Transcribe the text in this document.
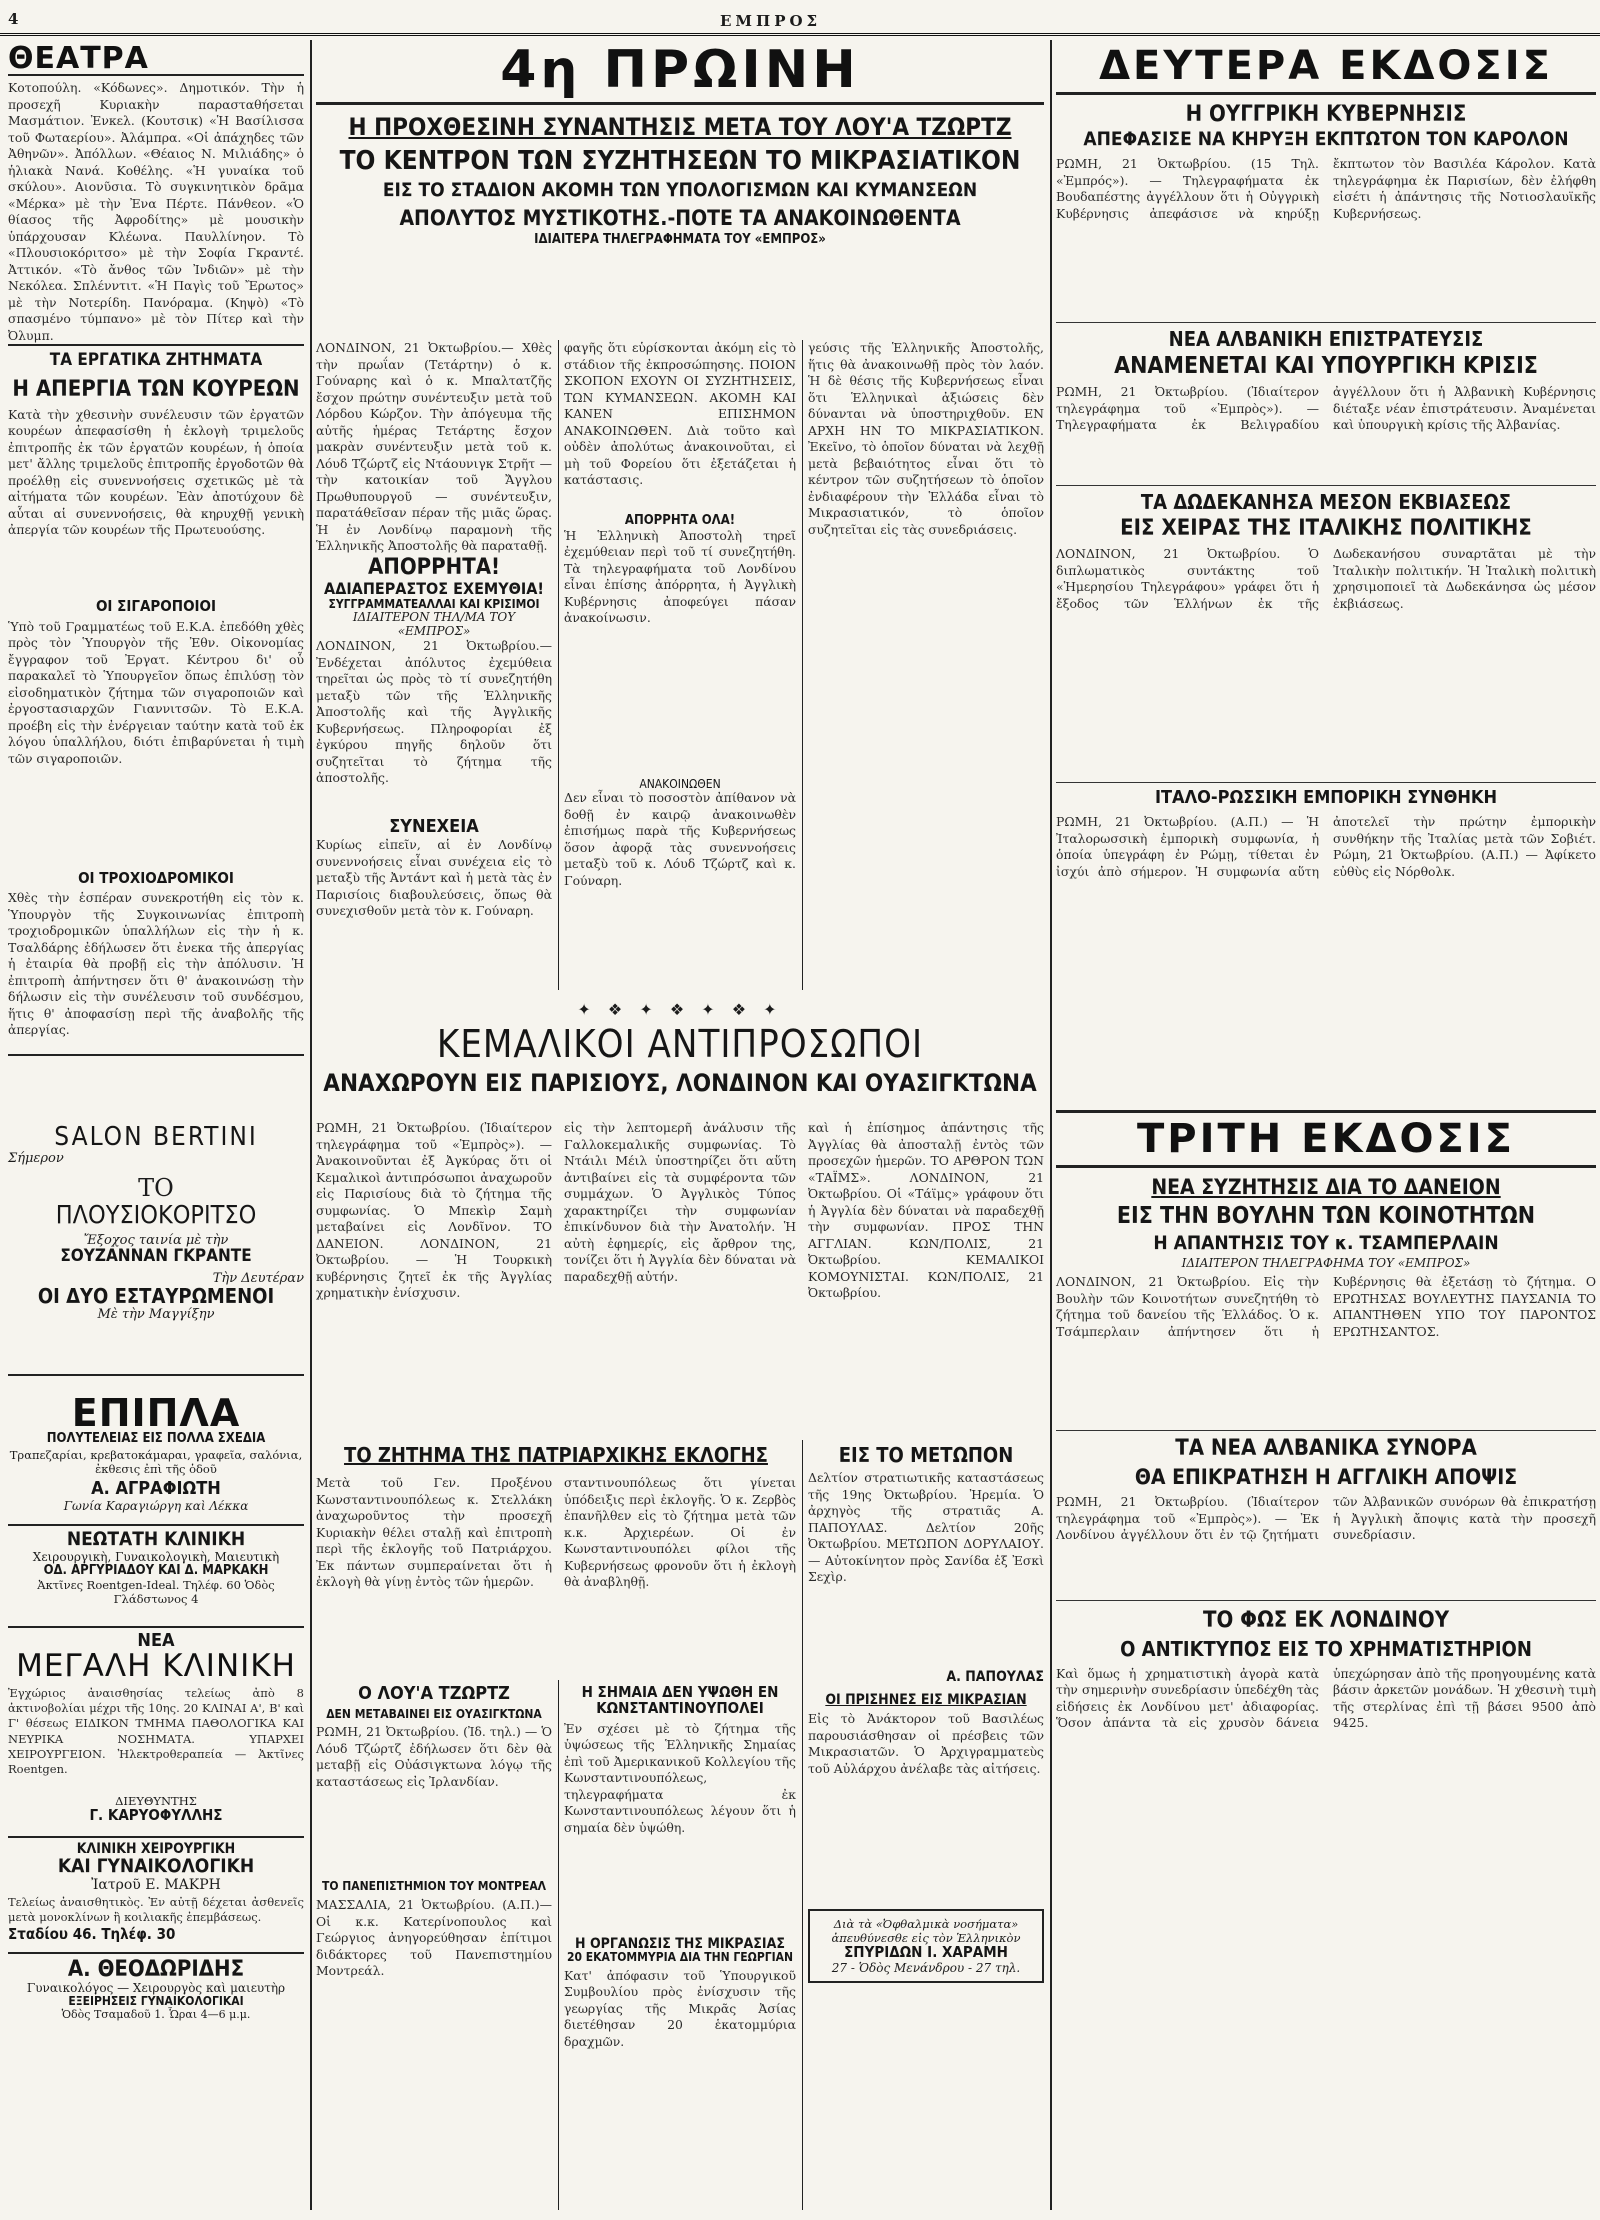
4	ΕΜΠΡΟΣ
ΘΕΑΤΡΑ
Κοτοπούλη. «Κόδωνες». Δημοτικόν. Τὴν ἡ προσεχῆ Κυριακὴν παρασταθήσεται Μασμάτιον. Ἐνκελ. (Κουτσικ) «Ἡ Βασίλισσα τοῦ Φωταερίου». Ἀλάμπρα. «Οἱ ἀπάχηδες τῶν Ἀθηνῶν». Ἀπόλλων. «Θέαιος Ν. Μιλιάδης» ὁ ἡλιακὰ Νανά. Κοθέλης. «Ἡ γυναίκα τοῦ σκύλου». Αιονῦσια. Τὸ συγκινητικὸν δρᾶμα «Μέρκα» μὲ τὴν Ἐνα Πέρτε. Πάνθεον. «Ὁ θίασος τῆς Ἀφροδίτης» μὲ μουσικὴν ὑπάρχουσαν Κλέωνα. Παυλλίνηον. Τὸ «Πλουσιοκόριτσο» μὲ τὴν Σοφία Γκραντέ. Ἀττικόν. «Τὸ ἄνθος τῶν Ἰνδιῶν» μὲ τὴν Νεκόλεα. Σπλένντιτ. «Ἡ Παγὶς τοῦ Ἔρωτος» μὲ τὴν Νοτερίδη. Πανόραμα. (Κηψὸ) «Τὸ σπασμένο τύμπανο» μὲ τὸν Πίτερ καὶ τὴν Ὀλυμπ.
ΤΑ ΕΡΓΑΤΙΚΑ ΖΗΤΗΜΑΤΑ
Η ΑΠΕΡΓΙΑ ΤΩΝ ΚΟΥΡΕΩΝ
Κατὰ τὴν χθεσινὴν συνέλευσιν τῶν ἐργατῶν κουρέων ἀπεφασίσθη ἡ ἐκλογὴ τριμελοῦς ἐπιτροπῆς ἐκ τῶν ἐργατῶν κουρέων, ἡ ὁποία μετ' ἄλλης τριμελοῦς ἐπιτροπῆς ἐργοδοτῶν θὰ προέλθῃ εἰς συνεννοήσεις σχετικῶς μὲ τὰ αἰτήματα τῶν κουρέων. Ἐὰν ἀποτύχουν δὲ αὗται αἱ συνεννοήσεις, θὰ κηρυχθῇ γενικὴ ἀπεργία τῶν κουρέων τῆς Πρωτευούσης.
ΟΙ ΣΙΓΑΡΟΠΟΙΟΙ
Ὑπὸ τοῦ Γραμματέως τοῦ Ε.Κ.Α. ἐπεδόθη χθὲς πρὸς τὸν Ὑπουργὸν τῆς Ἐθν. Οἰκονομίας ἔγγραφον τοῦ Ἐργατ. Κέντρου δι' οὗ παρακαλεῖ τὸ Ὑπουργεῖον ὅπως ἐπιλύσῃ τὸν εἰσοδηματικὸν ζήτημα τῶν σιγαροποιῶν καὶ ἐργοστασιαρχῶν Γιαννιτσῶν. Τὸ Ε.Κ.Α. προέβη εἰς τὴν ἐνέργειαν ταύτην κατὰ τοῦ ἐκ λόγου ὑπαλλήλου, διότι ἐπιβαρύνεται ἡ τιμὴ τῶν σιγαροποιῶν.
ΟΙ ΤΡΟΧΙΟΔΡΟΜΙΚΟΙ
Χθὲς τὴν ἑσπέραν συνεκροτήθη εἰς τὸν κ. Ὑπουργὸν τῆς Συγκοινωνίας ἐπιτροπὴ τροχιοδρομικῶν ὑπαλλήλων εἰς τὴν ἡ κ. Τσαλδάρης ἐδήλωσεν ὅτι ἐνεκα τῆς ἀπεργίας ἡ ἐταιρία θὰ προβῇ εἰς τὴν ἀπόλυσιν. Ἡ ἐπιτροπὴ ἀπήντησεν ὅτι θ' ἀνακοινώσῃ τὴν δήλωσιν εἰς τὴν συνέλευσιν τοῦ συνδέσμου, ἥτις θ' ἀποφασίσῃ περὶ τῆς ἀναβολῆς τῆς ἀπεργίας.
SALON BERTINI
Σήμερον
ΤΟ
ΠΛΟΥΣΙΟΚΟΡΙΤΣΟ
Ἔξοχος ταινία μὲ τὴν
ΣΟΥΖΑΝΝΑΝ ΓΚΡΑΝΤΕ
Τὴν Δευτέραν
ΟΙ ΔΥΟ ΕΣΤΑΥΡΩΜΕΝΟΙ
Μὲ τὴν Μαγγίξην
ΕΠΙΠΛΑ
ΠΟΛΥΤΕΛΕΙΑΣ ΕΙΣ ΠΟΛΛΑ ΣΧΕΔΙΑ
Τραπεζαρίαι, κρεβατοκάμαραι, γραφεῖα, σαλόνια, ἐκθεσις ἐπὶ τῆς ὁδοῦ
Α. ΑΓΡΑΦΙΩΤΗ
Γωνία Καραγιώργη καὶ Λέκκα
ΝΕΩΤΑΤΗ ΚΛΙΝΙΚΗ
Χειρουργικὴ, Γυναικολογικὴ, Μαιευτικὴ
ΟΔ. ΑΡΓΥΡΙΑΔΟΥ ΚΑΙ Δ. ΜΑΡΚΑΚΗ
Ἀκτῖνες Roentgen-Ideal. Τηλέφ. 60 Ὁδὸς Γλάδστωνος 4
ΝΕΑ
ΜΕΓΑΛΗ ΚΛΙΝΙΚΗ
Ἐγχώριος ἀναισθησίας τελείως ἀπὸ 8 ἀκτινοβολίαι μέχρι τῆς 10ης. 20 ΚΛΙΝΑΙ Α', Β' καὶ Γ' θέσεως ΕΙΔΙΚΟΝ ΤΜΗΜΑ ΠΑΘΟΛΟΓΙΚΑ ΚΑΙ ΝΕΥΡΙΚΑ ΝΟΣΗΜΑΤΑ. ΥΠΑΡΧΕΙ ΧΕΙΡΟΥΡΓΕΙΟΝ. Ἠλεκτροθεραπεία — Ἀκτῖνες Roentgen.
ΔΙΕΥΘΥΝΤΗΣ
Γ. ΚΑΡΥΟΦΥΛΛΗΣ
ΚΛΙΝΙΚΗ ΧΕΙΡΟΥΡΓΙΚΗ
ΚΑΙ ΓΥΝΑΙΚΟΛΟΓΙΚΗ
Ἰατροῦ Ε. ΜΑΚΡΗ
Τελείως ἀναισθητικὸς. Ἐν αὐτῇ δέχεται ἀσθενεῖς μετὰ μονοκλίνων ἢ κοιλιακῆς ἐπεμβάσεως.
Σταδίου 46. Τηλέφ. 30
Α. ΘΕΟΔΩΡΙΔΗΣ
Γυναικολόγος — Χειρουργὸς καὶ μαιευτὴρ
ΕΞΕΙΡΗΣΕΙΣ ΓΥΝΑΙΚΟΛΟΓΙΚΑΙ
Ὁδὸς Τσαμαδοῦ 1. Ὧραι 4—6 μ.μ.
4η ΠΡΩΙΝΗ
Η ΠΡΟΧΘΕΣΙΝΗ ΣΥΝΑΝΤΗΣΙΣ ΜΕΤΑ ΤΟΥ ΛΟΥ'Α ΤΖΩΡΤΖ
ΤΟ ΚΕΝΤΡΟΝ ΤΩΝ ΣΥΖΗΤΗΣΕΩΝ ΤΟ ΜΙΚΡΑΣΙΑΤΙΚΟΝ
ΕΙΣ ΤΟ ΣΤΑΔΙΟΝ ΑΚΟΜΗ ΤΩΝ ΥΠΟΛΟΓΙΣΜΩΝ ΚΑΙ ΚΥΜΑΝΣΕΩΝ
ΑΠΟΛΥΤΟΣ ΜΥΣΤΙΚΟΤΗΣ.-ΠΟΤΕ ΤΑ ΑΝΑΚΟΙΝΩΘΕΝΤΑ
ΙΔΙΑΙΤΕΡΑ ΤΗΛΕΓΡΑΦΗΜΑΤΑ ΤΟΥ «ΕΜΠΡΟΣ»
ΛΟΝΔΙΝΟΝ, 21 Ὀκτωβρίου.— Χθὲς τὴν πρωΐαν (Τετάρτην) ὁ κ. Γούναρης καὶ ὁ κ. Μπαλτατζῆς ἔσχον πρώτην συνέντευξιν μετὰ τοῦ Λόρδου Κώρζον. Τὴν ἀπόγευμα τῆς αὐτῆς ἡμέρας Τετάρτης ἔσχον μακρὰν συνέντευξιν μετὰ τοῦ κ. Λόυδ Τζώρτζ εἰς Ντάουνιγκ Στρῆτ — τὴν κατοικίαν τοῦ Ἄγγλου Πρωθυπουργοῦ — συνέντευξιν, παρατάθεῖσαν πέραν τῆς μιᾶς ὥρας. Ἡ ἐν Λονδίνῳ παραμονὴ τῆς Ἑλληνικῆς Ἀποστολῆς θὰ παραταθῇ.
ΑΠΟΡΡΗΤΑ!
ΑΔΙΑΠΕΡΑΣΤΟΣ ΕΧΕΜΥΘΙΑ!
ΣΥΓΓΡΑΜΜΑΤΕΑΛΛΑΙ ΚΑΙ ΚΡΙΣΙΜΟΙ
ΙΔΙΑΙΤΕΡΟΝ ΤΗΛ/ΜΑ ΤΟΥ «ΕΜΠΡΟΣ»
ΛΟΝΔΙΝΟΝ, 21 Ὀκτωβρίου.— Ἐνδέχεται ἀπόλυτος ἐχεμύθεια τηρεῖται ὡς πρὸς τὸ τί συνεζητήθη μεταξὺ τῶν τῆς Ἑλληνικῆς Ἀποστολῆς καὶ τῆς Ἀγγλικῆς Κυβερνήσεως. Πληροφορίαι ἐξ ἐγκύρου πηγῆς δηλοῦν ὅτι συζητεῖται τὸ ζήτημα τῆς ἀποστολῆς.
ΣΥΝΕΧΕΙΑ
Κυρίως εἰπεῖν, αἱ ἐν Λονδίνῳ συνεννοήσεις εἶναι συνέχεια εἰς τὸ μεταξὺ τῆς Ἀντάντ καὶ ἡ μετὰ τὰς ἐν Παρισίοις διαβουλεύσεις, ὅπως θὰ συνεχισθοῦν μετὰ τὸν κ. Γούναρη.
φαγῆς ὅτι εὑρίσκονται ἀκόμη εἰς τὸ στάδιον τῆς ἐκπροσώπησης. ΠΟΙΟΝ ΣΚΟΠΟΝ ΕΧΟΥΝ ΟΙ ΣΥΖΗΤΗΣΕΙΣ, ΤΩΝ ΚΥΜΑΝΣΕΩΝ. ΑΚΟΜΗ ΚΑΙ ΚΑΝΕΝ ΕΠΙΣΗΜΟΝ ΑΝΑΚΟΙΝΩΘΕΝ. Διὰ τοῦτο καὶ οὐδὲν ἀπολύτως ἀνακοινοῦται, εἰ μὴ τοῦ Φορείου ὅτι ἐξετάζεται ἡ κατάστασις.
ΑΠΟΡΡΗΤΑ ΟΛΑ!
Ἡ Ἑλληνικὴ Ἀποστολὴ τηρεῖ ἐχεμύθειαν περὶ τοῦ τί συνεζητήθη. Τὰ τηλεγραφήματα τοῦ Λονδίνου εἶναι ἐπίσης ἀπόρρητα, ἡ Ἀγγλικὴ Κυβέρνησις ἀποφεύγει πάσαν ἀνακοίνωσιν.
ΑΝΑΚΟΙΝΩΘΕΝ
Δεν εἶναι τὸ ποσοστὸν ἀπίθανον νὰ δοθῇ ἐν καιρῷ ἀνακοινωθὲν ἐπισήμως παρὰ τῆς Κυβερνήσεως ὅσον ἀφορᾷ τὰς συνεννοήσεις μεταξὺ τοῦ κ. Λόυδ Τζώρτζ καὶ κ. Γούναρη.
γεύσις τῆς Ἑλληνικῆς Ἀποστολῆς, ἥτις θὰ ἀνακοινωθῇ πρὸς τὸν λαόν. Ἡ δὲ θέσις τῆς Κυβερνήσεως εἶναι ὅτι Ἑλληνικαὶ ἀξιώσεις δὲν δύνανται νὰ ὑποστηριχθοῦν. ΕΝ ΑΡΧΗ ΗΝ ΤΟ ΜΙΚΡΑΣΙΑΤΙΚΟΝ. Ἐκεῖνο, τὸ ὁποῖον δύναται νὰ λεχθῇ μετὰ βεβαιότητος εἶναι ὅτι τὸ κέντρον τῶν συζητήσεων τὸ ὁποῖον ἐνδιαφέρουν τὴν Ἑλλάδα εἶναι τὸ Μικρασιατικόν, τὸ ὁποῖον συζητεῖται εἰς τὰς συνεδριάσεις.
✦ ❖ ✦ ❖ ✦ ❖ ✦
ΚΕΜΑΛΙΚΟΙ ΑΝΤΙΠΡΟΣΩΠΟΙ
ΑΝΑΧΩΡΟΥΝ ΕΙΣ ΠΑΡΙΣΙΟΥΣ, ΛΟΝΔΙΝΟΝ ΚΑΙ ΟΥΑΣΙΓΚΤΩΝΑ
ΡΩΜΗ, 21 Ὀκτωβρίου. (Ἰδιαίτερον τηλεγράφημα τοῦ «Ἐμπρὸς»). — Ἀνακοινοῦνται ἐξ Ἀγκύρας ὅτι οἱ Κεμαλικοὶ ἀντιπρόσωποι ἀναχωροῦν εἰς Παρισίους διὰ τὸ ζήτημα τῆς συμφωνίας. Ὁ Μπεκὶρ Σαμὴ μεταβαίνει εἰς Λονδῖνον. ΤΟ ΔΑΝΕΙΟΝ. ΛΟΝΔΙΝΟΝ, 21 Ὀκτωβρίου. — Ἡ Τουρκικὴ κυβέρνησις ζητεῖ ἐκ τῆς Ἀγγλίας χρηματικὴν ἐνίσχυσιν.
εἰς τὴν λεπτομερῆ ἀνάλυσιν τῆς Γαλλοκεμαλικῆς συμφωνίας. Τὸ Ντάιλι Μέιλ ὑποστηρίζει ὅτι αὕτη ἀντιβαίνει εἰς τὰ συμφέροντα τῶν συμμάχων. Ὁ Ἀγγλικὸς Τύπος χαρακτηρίζει τὴν συμφωνίαν ἐπικίνδυνον διὰ τὴν Ἀνατολήν. Ἡ αὐτὴ ἐφημερίς, εἰς ἄρθρον της, τονίζει ὅτι ἡ Ἀγγλία δὲν δύναται νὰ παραδεχθῇ αὐτήν.
καὶ ἡ ἐπίσημος ἀπάντησις τῆς Ἀγγλίας θὰ ἀποσταλῇ ἐντὸς τῶν προσεχῶν ἡμερῶν. ΤΟ ΑΡΘΡΟΝ ΤΩΝ «ΤΑΪΜΣ». ΛΟΝΔΙΝΟΝ, 21 Ὀκτωβρίου. Οἱ «Τάϊμς» γράφουν ὅτι ἡ Ἀγγλία δὲν δύναται νὰ παραδεχθῇ τὴν συμφωνίαν. ΠΡΟΣ ΤΗΝ ΑΓΓΛΙΑΝ. ΚΩΝ/ΠΟΛΙΣ, 21 Ὀκτωβρίου. ΚΕΜΑΛΙΚΟΙ ΚΟΜΟΥΝΙΣΤΑΙ. ΚΩΝ/ΠΟΛΙΣ, 21 Ὀκτωβρίου.
ΤΟ ΖΗΤΗΜΑ ΤΗΣ ΠΑΤΡΙΑΡΧΙΚΗΣ ΕΚΛΟΓΗΣ
Μετὰ τοῦ Γεν. Προξένου Κωνσταντινουπόλεως κ. Στελλάκη ἀναχωροῦντος τὴν προσεχῆ Κυριακὴν θέλει σταλῇ καὶ ἐπιτροπὴ περὶ τῆς ἐκλογῆς τοῦ Πατριάρχου. Ἐκ πάντων συμπεραίνεται ὅτι ἡ ἐκλογὴ θὰ γίνῃ ἐντὸς τῶν ἡμερῶν.
σταντινουπόλεως ὅτι γίνεται ὑπόδειξις περὶ ἐκλογῆς. Ὁ κ. Ζερβὸς ἐπανῆλθεν εἰς τὸ ζήτημα μετὰ τῶν κ.κ. Ἀρχιερέων. Οἱ ἐν Κωνσταντινουπόλει φίλοι τῆς Κυβερνήσεως φρονοῦν ὅτι ἡ ἐκλογὴ θὰ ἀναβληθῇ.
Ο ΛΟΥ'Α ΤΖΩΡΤΖ
ΔΕΝ ΜΕΤΑΒΑΙΝΕΙ ΕΙΣ ΟΥΑΣΙΓΚΤΩΝΑ
ΡΩΜΗ, 21 Ὀκτωβρίου. (Ἰδ. τηλ.) — Ὁ Λόυδ Τζώρτζ ἐδήλωσεν ὅτι δὲν θὰ μεταβῇ εἰς Οὐάσιγκτωνα λόγῳ τῆς καταστάσεως εἰς Ἰρλανδίαν.
ΤΟ ΠΑΝΕΠΙΣΤΗΜΙΟΝ ΤΟΥ ΜΟΝΤΡΕΑΛ
ΜΑΣΣΑΛΙΑ, 21 Ὀκτωβρίου. (Α.Π.)— Οἱ κ.κ. Κατερίνοπουλος καὶ Γεώργιος ἀνηγορεύθησαν ἐπίτιμοι διδάκτορες τοῦ Πανεπιστημίου Μοντρεάλ.
Η ΣΗΜΑΙΑ ΔΕΝ ΥΨΩΘΗ ΕΝ ΚΩΝΣΤΑΝΤΙΝΟΥΠΟΛΕΙ
Ἐν σχέσει μὲ τὸ ζήτημα τῆς ὑψώσεως τῆς Ἑλληνικῆς Σημαίας ἐπὶ τοῦ Ἀμερικανικοῦ Κολλεγίου τῆς Κωνσταντινουπόλεως, τηλεγραφήματα ἐκ Κωνσταντινουπόλεως λέγουν ὅτι ἡ σημαία δὲν ὑψώθη.
Η ΟΡΓΑΝΩΣΙΣ ΤΗΣ ΜΙΚΡΑΣΙΑΣ
20 ΕΚΑΤΟΜΜΥΡΙΑ ΔΙΑ ΤΗΝ ΓΕΩΡΓΙΑΝ
Κατ' ἀπόφασιν τοῦ Ὑπουργικοῦ Συμβουλίου πρὸς ἐνίσχυσιν τῆς γεωργίας τῆς Μικρᾶς Ἀσίας διετέθησαν 20 ἑκατομμύρια δραχμῶν.
ΕΙΣ ΤΟ ΜΕΤΩΠΟΝ
Δελτίον στρατιωτικῆς καταστάσεως τῆς 19ης Ὀκτωβρίου. Ἠρεμία. Ὁ ἀρχηγὸς τῆς στρατιᾶς Α. ΠΑΠΟΥΛΑΣ. Δελτίον 20ῆς Ὀκτωβρίου. ΜΕΤΩΠΟΝ ΔΟΡΥΛΑΙΟΥ. — Αὐτοκίνητον πρὸς Σανίδα ἐξ Ἐσκὶ Σεχὶρ.
Α. ΠΑΠΟΥΛΑΣ
ΟΙ ΠΡΙΣΗΝΕΣ ΕΙΣ ΜΙΚΡΑΣΙΑΝ
Εἰς τὸ Ἀνάκτορον τοῦ Βασιλέως παρουσιάσθησαν οἱ πρέσβεις τῶν Μικρασιατῶν. Ὁ Ἀρχιγραμματεὺς τοῦ Αὐλάρχου ἀνέλαβε τὰς αἰτήσεις.
Διὰ τὰ «Ὀφθαλμικὰ νοσήματα» ἀπευθύνεσθε εἰς τὸν Ἑλληνικὸν
ΣΠΥΡΙΔΩΝ Ι. ΧΑΡΑΜΗ
27 - Ὁδὸς Μενάνδρου - 27 τηλ.
ΔΕΥΤΕΡΑ ΕΚΔΟΣΙΣ
Η ΟΥΓΓΡΙΚΗ ΚΥΒΕΡΝΗΣΙΣ
ΑΠΕΦΑΣΙΣΕ ΝΑ ΚΗΡΥΞΗ ΕΚΠΤΩΤΟΝ ΤΟΝ ΚΑΡΟΛΟΝ
ΡΩΜΗ, 21 Ὀκτωβρίου. (15 Τηλ. «Ἐμπρός»). — Τηλεγραφήματα ἐκ Βουδαπέστης ἀγγέλλουν ὅτι ἡ Οὐγγρικὴ Κυβέρνησις ἀπεφάσισε νὰ κηρύξῃ ἔκπτωτον τὸν Βασιλέα Κάρολον. Κατὰ τηλεγράφημα ἐκ Παρισίων, δὲν ἐλήφθη εἰσέτι ἡ ἀπάντησις τῆς Νοτιοσλαυϊκῆς Κυβερνήσεως.
ΝΕΑ ΑΛΒΑΝΙΚΗ ΕΠΙΣΤΡΑΤΕΥΣΙΣ
ΑΝΑΜΕΝΕΤΑΙ ΚΑΙ ΥΠΟΥΡΓΙΚΗ ΚΡΙΣΙΣ
ΡΩΜΗ, 21 Ὀκτωβρίου. (Ἰδιαίτερον τηλεγράφημα τοῦ «Ἐμπρὸς»). — Τηλεγραφήματα ἐκ Βελιγραδίου ἀγγέλλουν ὅτι ἡ Ἀλβανικὴ Κυβέρνησις διέταξε νέαν ἐπιστράτευσιν. Ἀναμένεται καὶ ὑπουργικὴ κρίσις τῆς Ἀλβανίας.
ΤΑ ΔΩΔΕΚΑΝΗΣΑ ΜΕΣΟΝ ΕΚΒΙΑΣΕΩΣ
ΕΙΣ ΧΕΙΡΑΣ ΤΗΣ ΙΤΑΛΙΚΗΣ ΠΟΛΙΤΙΚΗΣ
ΛΟΝΔΙΝΟΝ, 21 Ὀκτωβρίου. Ὁ διπλωματικὸς συντάκτης τοῦ «Ἡμερησίου Τηλεγράφου» γράφει ὅτι ἡ ἔξοδος τῶν Ἑλλήνων ἐκ τῆς Δωδεκανήσου συναρτᾶται μὲ τὴν Ἰταλικὴν πολιτικήν. Ἡ Ἰταλικὴ πολιτικὴ χρησιμοποιεῖ τὰ Δωδεκάνησα ὡς μέσον ἐκβιάσεως.
ΙΤΑΛΟ-ΡΩΣΣΙΚΗ ΕΜΠΟΡΙΚΗ ΣΥΝΘΗΚΗ
ΡΩΜΗ, 21 Ὀκτωβρίου. (Α.Π.) — Ἡ Ἰταλορωσσικὴ ἐμπορικὴ συμφωνία, ἡ ὁποία ὑπεγράφη ἐν Ρώμῃ, τίθεται ἐν ἰσχύι ἀπὸ σήμερον. Ἡ συμφωνία αὕτη ἀποτελεῖ τὴν πρώτην ἐμπορικὴν συνθήκην τῆς Ἰταλίας μετὰ τῶν Σοβιέτ. Ρώμη, 21 Ὀκτωβρίου. (Α.Π.) — Ἀφίκετο εὐθὺς εἰς Νόρθολκ.
ΤΡΙΤΗ ΕΚΔΟΣΙΣ
ΝΕΑ ΣΥΖΗΤΗΣΙΣ ΔΙΑ ΤΟ ΔΑΝΕΙΟΝ
ΕΙΣ ΤΗΝ ΒΟΥΛΗΝ ΤΩΝ ΚΟΙΝΟΤΗΤΩΝ
Η ΑΠΑΝΤΗΣΙΣ ΤΟΥ κ. ΤΣΑΜΠΕΡΛΑΙΝ
ΙΔΙΑΙΤΕΡΟΝ ΤΗΛΕΓΡΑΦΗΜΑ ΤΟΥ «ΕΜΠΡΟΣ»
ΛΟΝΔΙΝΟΝ, 21 Ὀκτωβρίου. Εἰς τὴν Βουλὴν τῶν Κοινοτήτων συνεζητήθη τὸ ζήτημα τοῦ δανείου τῆς Ἑλλάδος. Ὁ κ. Τσάμπερλαιν ἀπήντησεν ὅτι ἡ Κυβέρνησις θὰ ἐξετάσῃ τὸ ζήτημα. Ο ΕΡΩΤΗΣΑΣ ΒΟΥΛΕΥΤΗΣ ΠΑΥΣΑΝΙΑ ΤΟ ΑΠΑΝΤΗΘΕΝ ΥΠΟ ΤΟΥ ΠΑΡΟΝΤΟΣ ΕΡΩΤΗΣΑΝΤΟΣ.
ΤΑ ΝΕΑ ΑΛΒΑΝΙΚΑ ΣΥΝΟΡΑ
ΘΑ ΕΠΙΚΡΑΤΗΣΗ Η ΑΓΓΛΙΚΗ ΑΠΟΨΙΣ
ΡΩΜΗ, 21 Ὀκτωβρίου. (Ἰδιαίτερον τηλεγράφημα τοῦ «Ἐμπρὸς»). — Ἐκ Λονδίνου ἀγγέλλουν ὅτι ἐν τῷ ζητήματι τῶν Ἀλβανικῶν συνόρων θὰ ἐπικρατήσῃ ἡ Ἀγγλικὴ ἄποψις κατὰ τὴν προσεχῆ συνεδρίασιν.
ΤΟ ΦΩΣ ΕΚ ΛΟΝΔΙΝΟΥ
Ο ΑΝΤΙΚΤΥΠΟΣ ΕΙΣ ΤΟ ΧΡΗΜΑΤΙΣΤΗΡΙΟΝ
Καὶ ὅμως ἡ χρηματιστικὴ ἀγορὰ κατὰ τὴν σημερινὴν συνεδρίασιν ὑπεδέχθη τὰς εἰδήσεις ἐκ Λονδίνου μετ' ἀδιαφορίας. Ὅσον ἀπάντα τὰ εἰς χρυσὸν δάνεια ὑπεχώρησαν ἀπὸ τῆς προηγουμένης κατὰ βάσιν ἀρκετῶν μονάδων. Ἡ χθεσινὴ τιμὴ τῆς στερλίνας ἐπὶ τῇ βάσει 9500 ἀπὸ 9425.
